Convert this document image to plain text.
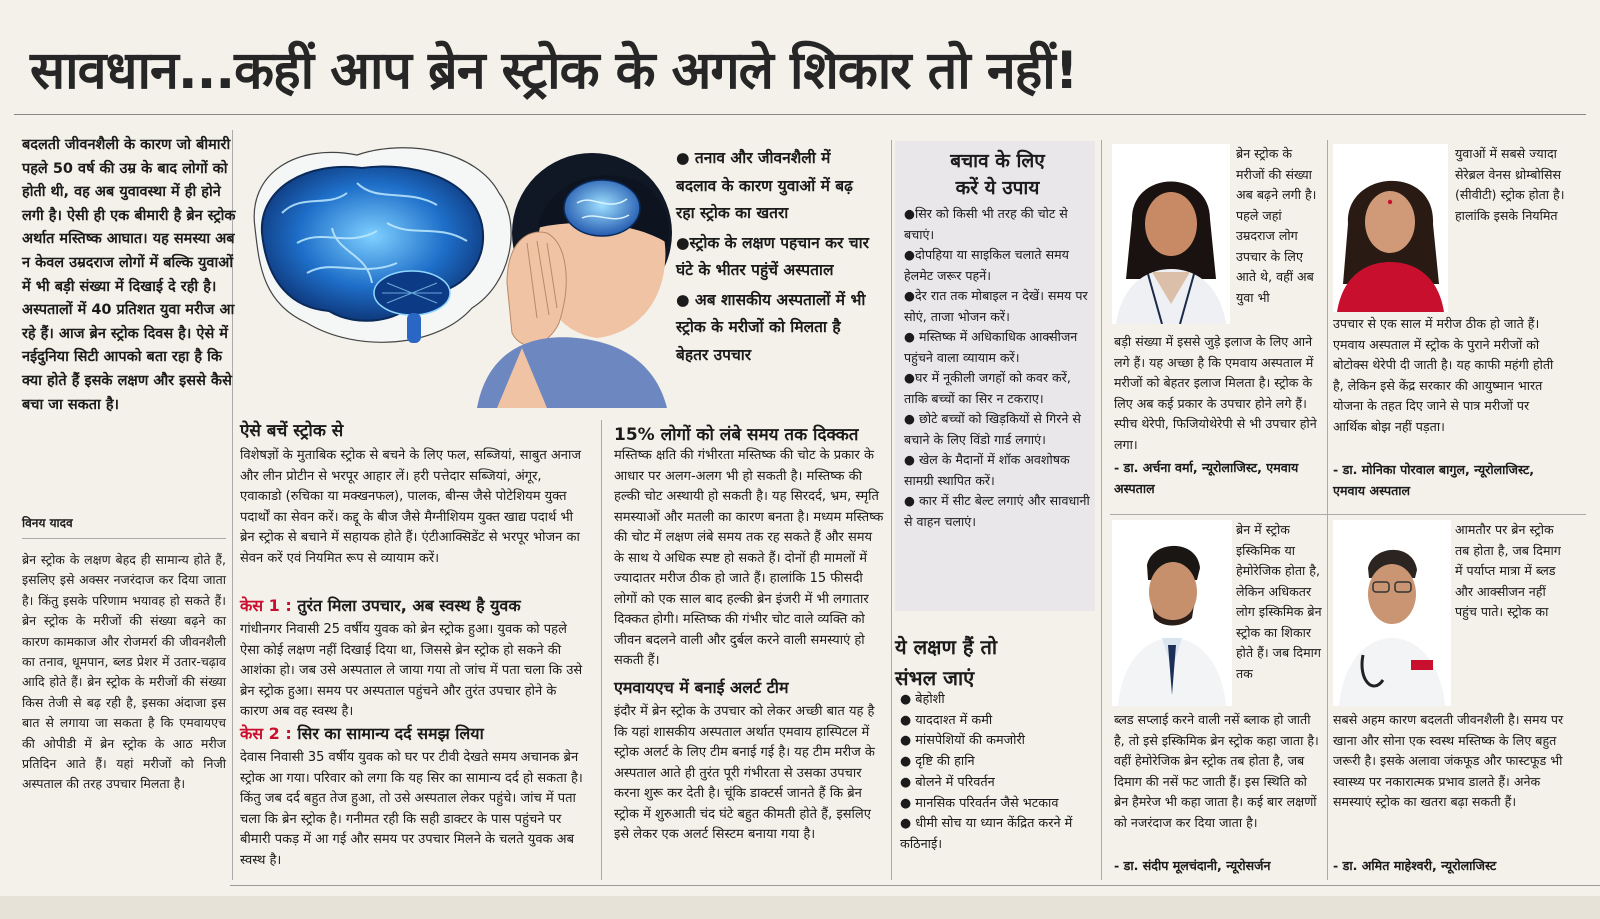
सावधान...कहीं आप ब्रेन स्ट्रोक के अगले शिकार तो नहीं!
बदलती जीवनशैली के कारण जो बीमारी पहले 50 वर्ष की उम्र के बाद लोगों को होती थी, वह अब युवावस्था में ही होने लगी है। ऐसी ही एक बीमारी है ब्रेन स्ट्रोक अर्थात मस्तिष्क आघात। यह समस्या अब न केवल उम्रदराज लोगों में बल्कि युवाओं में भी बड़ी संख्या में दिखाई दे रही है। अस्पतालों में 40 प्रतिशत युवा मरीज आ रहे हैं। आज ब्रेन स्ट्रोक दिवस है। ऐसे में नईदुनिया सिटी आपको बता रहा है कि क्या होते हैं इसके लक्षण और इससे कैसे बचा जा सकता है।
विनय यादव
ब्रेन स्ट्रोक के लक्षण बेहद ही सामान्य होते हैं, इसलिए इसे अक्सर नजरंदाज कर दिया जाता है। किंतु इसके परिणाम भयावह हो सकते हैं। ब्रेन स्ट्रोक के मरीजों की संख्या बढ़ने का कारण कामकाज और रोजमर्रा की जीवनशैली का तनाव, धूमपान, ब्लड प्रेशर में उतार-चढ़ाव आदि होते हैं। ब्रेन स्ट्रोक के मरीजों की संख्या किस तेजी से बढ़ रही है, इसका अंदाजा इस बात से लगाया जा सकता है कि एमवायएच की ओपीडी में ब्रेन स्ट्रोक के आठ मरीज प्रतिदिन आते हैं। यहां मरीजों को निजी अस्पताल की तरह उपचार मिलता है।

● तनाव और जीवनशैली में बदलाव के कारण युवाओं में बढ़ रहा स्ट्रोक का खतरा

●स्ट्रोक के लक्षण पहचान कर चार घंटे के भीतर पहुंचें अस्पताल

● अब शासकीय अस्पतालों में भी स्ट्रोक के मरीजों को मिलता है बेहतर उपचार

ऐसे बचें स्ट्रोक से
विशेषज्ञों के मुताबिक स्ट्रोक से बचने के लिए फल, सब्जियां, साबुत अनाज और लीन प्रोटीन से भरपूर आहार लें। हरी पत्तेदार सब्जियां, अंगूर, एवाकाडो (रुचिका या मक्खनफल), पालक, बीन्स जैसे पोटेशियम युक्त पदार्थों का सेवन करें। कद्दू के बीज जैसे मैग्नीशियम युक्त खाद्य पदार्थ भी ब्रेन स्ट्रोक से बचाने में सहायक होते हैं। एंटीआक्सिडेंट से भरपूर भोजन का सेवन करें एवं नियमित रूप से व्यायाम करें।
केस 1 : तुरंत मिला उपचार, अब स्वस्थ है युवक
गांधीनगर निवासी 25 वर्षीय युवक को ब्रेन स्ट्रोक हुआ। युवक को पहले ऐसा कोई लक्षण नहीं दिखाई दिया था, जिससे ब्रेन स्ट्रोक हो सकने की आशंका हो। जब उसे अस्पताल ले जाया गया तो जांच में पता चला कि उसे ब्रेन स्ट्रोक हुआ। समय पर अस्पताल पहुंचने और तुरंत उपचार होने के कारण अब वह स्वस्थ है।
केस 2 : सिर का सामान्य दर्द समझ लिया
देवास निवासी 35 वर्षीय युवक को घर पर टीवी देखते समय अचानक ब्रेन स्ट्रोक आ गया। परिवार को लगा कि यह सिर का सामान्य दर्द हो सकता है। किंतु जब दर्द बहुत तेज हुआ, तो उसे अस्पताल लेकर पहुंचे। जांच में पता चला कि ब्रेन स्ट्रोक है। गनीमत रही कि सही डाक्टर के पास पहुंचने पर बीमारी पकड़ में आ गई और समय पर उपचार मिलने के चलते युवक अब स्वस्थ है।
15% लोगों को लंबे समय तक दिक्कत
मस्तिष्क क्षति की गंभीरता मस्तिष्क की चोट के प्रकार के आधार पर अलग-अलग भी हो सकती है। मस्तिष्क की हल्की चोट अस्थायी हो सकती है। यह सिरदर्द, भ्रम, स्मृति समस्याओं और मतली का कारण बनता है। मध्यम मस्तिष्क की चोट में लक्षण लंबे समय तक रह सकते हैं और समय के साथ ये अधिक स्पष्ट हो सकते हैं। दोनों ही मामलों में ज्यादातर मरीज ठीक हो जाते हैं। हालांकि 15 फीसदी लोगों को एक साल बाद हल्की ब्रेन इंजरी में भी लगातार दिक्कत होगी। मस्तिष्क की गंभीर चोट वाले व्यक्ति को जीवन बदलने वाली और दुर्बल करने वाली समस्याएं हो सकती हैं।
एमवायएच में बनाई अलर्ट टीम
इंदौर में ब्रेन स्ट्रोक के उपचार को लेकर अच्छी बात यह है कि यहां शासकीय अस्पताल अर्थात एमवाय हास्पिटल में स्ट्रोक अलर्ट के लिए टीम बनाई गई है। यह टीम मरीज के अस्पताल आते ही तुरंत पूरी गंभीरता से उसका उपचार करना शुरू कर देती है। चूंकि डाक्टर्स जानते हैं कि ब्रेन स्ट्रोक में शुरुआती चंद घंटे बहुत कीमती होते हैं, इसलिए इसे लेकर एक अलर्ट सिस्टम बनाया गया है।
बचाव के लिए
करें ये उपाय

●सिर को किसी भी तरह की चोट से बचाएं।

●दोपहिया या साइकिल चलाते समय हेलमेट जरूर पहनें।

●देर रात तक मोबाइल न देखें। समय पर सोएं, ताजा भोजन करें।

● मस्तिष्क में अधिकाधिक आक्सीजन पहुंचने वाला व्यायाम करें।

●घर में नूकीली जगहों को कवर करें, ताकि बच्चों का सिर न टकराए।

● छोटे बच्चों को खिड़कियों से गिरने से बचाने के लिए विंडो गार्ड लगाएं।

● खेल के मैदानों में शॉक अवशोषक सामग्री स्थापित करें।

● कार में सीट बेल्ट लगाएं और सावधानी से वाहन चलाएं।

ये लक्षण हैं तो
संभल जाएं

● बेहोशी

● याददाश्त में कमी

● मांसपेशियों की कमजोरी

● दृष्टि की हानि

● बोलने में परिवर्तन

● मानसिक परिवर्तन जैसे भटकाव

● धीमी सोच या ध्यान केंद्रित करने में कठिनाई।

ब्रेन स्ट्रोक के मरीजों की संख्या अब बढ़ने लगी है। पहले जहां उम्रदराज लोग उपचार के लिए आते थे, वहीं अब युवा भी
बड़ी संख्या में इससे जुड़े इलाज के लिए आने लगे हैं। यह अच्छा है कि एमवाय अस्पताल में मरीजों को बेहतर इलाज मिलता है। स्ट्रोक के लिए अब कई प्रकार के उपचार होने लगे हैं। स्पीच थेरेपी, फिजियोथेरेपी से भी उपचार होने लगा।
- डा. अर्चना वर्मा, न्यूरोलाजिस्ट, एमवाय अस्पताल
युवाओं में सबसे ज्यादा सेरेब्रल वेनस थ्रोम्बोसिस (सीवीटी) स्ट्रोक होता है। हालांकि इसके नियमित
उपचार से एक साल में मरीज ठीक हो जाते हैं। एमवाय अस्पताल में स्ट्रोक के पुराने मरीजों को बोटोक्स थेरेपी दी जाती है। यह काफी महंगी होती है, लेकिन इसे केंद्र सरकार की आयुष्मान भारत योजना के तहत दिए जाने से पात्र मरीजों पर आर्थिक बोझ नहीं पड़ता।
- डा. मोनिका पोरवाल बागुल, न्यूरोलाजिस्ट, एमवाय अस्पताल
ब्रेन में स्ट्रोक इस्किमिक या हेमोरेजिक होता है, लेकिन अधिकतर लोग इस्किमिक ब्रेन स्ट्रोक का शिकार होते हैं। जब दिमाग तक
ब्लड सप्लाई करने वाली नसें ब्लाक हो जाती है, तो इसे इस्किमिक ब्रेन स्ट्रोक कहा जाता है। वहीं हेमोरेजिक ब्रेन स्ट्रोक तब होता है, जब दिमाग की नसें फट जाती हैं। इस स्थिति को ब्रेन हैमरेज भी कहा जाता है। कई बार लक्षणों को नजरंदाज कर दिया जाता है।
- डा. संदीप मूलचंदानी, न्यूरोसर्जन
आमतौर पर ब्रेन स्ट्रोक तब होता है, जब दिमाग में पर्याप्त मात्रा में ब्लड और आक्सीजन नहीं पहुंच पाते। स्ट्रोक का
सबसे अहम कारण बदलती जीवनशैली है। समय पर खाना और सोना एक स्वस्थ मस्तिष्क के लिए बहुत जरूरी है। इसके अलावा जंकफूड और फास्टफूड भी स्वास्थ्य पर नकारात्मक प्रभाव डालते हैं। अनेक समस्याएं स्ट्रोक का खतरा बढ़ा सकती हैं।
- डा. अमित माहेश्वरी, न्यूरोलाजिस्ट
